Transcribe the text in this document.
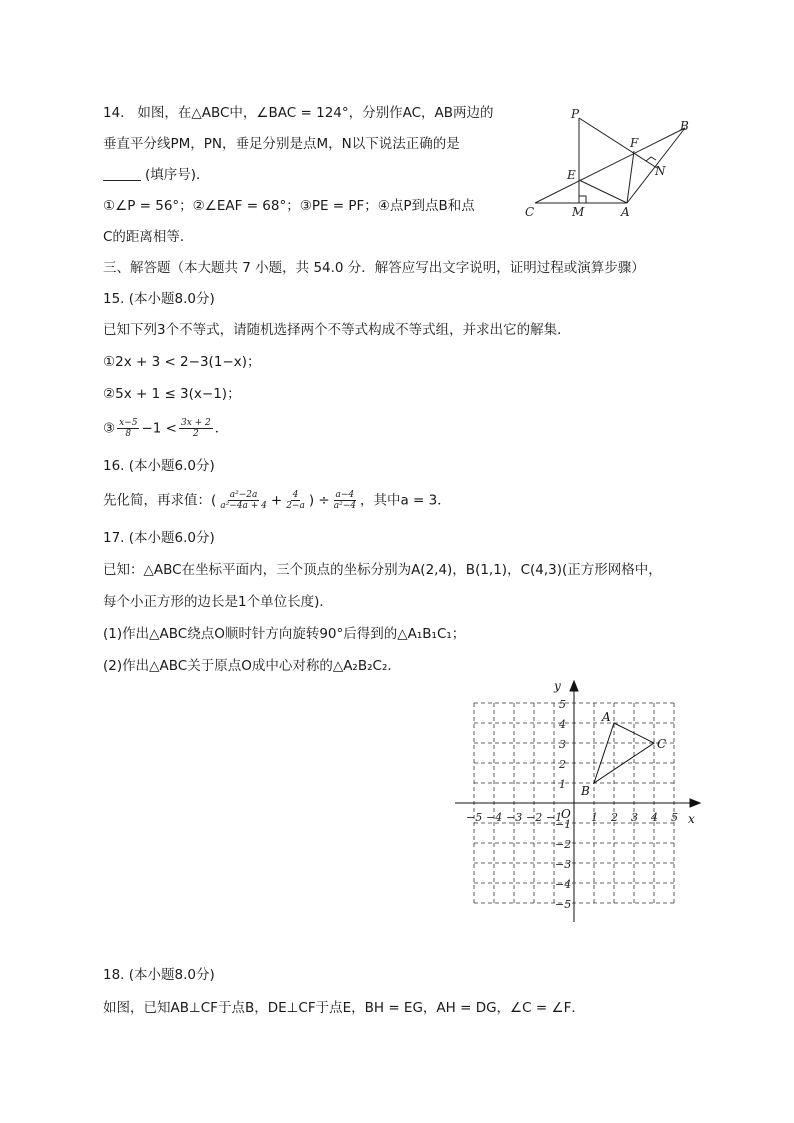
14. 如图，在△ABC中，∠BAC = 124°，分别作AC，AB两边的
垂直平分线PM，PN，垂足分别是点M，N以下说法正确的是
(填序号)．
①∠P = 56°；②∠EAF = 68°；③PE = PF；④点P到点B和点
C的距离相等．
P
B
F
N
E
C	M	A
三、解答题（本大题共 7 小题，共 54.0 分．解答应写出文字说明，证明过程或演算步骤）
15. (本小题8.0分)
已知下列3个不等式，请随机选择两个不等式构成不等式组，并求出它的解集．
①2x + 3 < 2−3(1−x)；
②5x + 1 ≤ 3(x−1)；
③ $\frac{x-5}{8} -1 < \frac{3x + 2}{2}$ ．
16. (本小题6.0分)
先化简，再求值：( $\frac{\text{a²−2a}}{\text{a²−4a + 4}} + \frac{4}{2-a}$ ) ÷ $\frac{a-4}{\text{a²−4}}$ ，其中a = 3．
17. (本小题6.0分)
已知：△ABC在坐标平面内，三个顶点的坐标分别为A(2,4)，B(1,1)，C(4,3)(正方形网格中，
每个小正方形的边长是1个单位长度)．
(1)作出△ABC绕点O顺时针方向旋转90°后得到的△A₁B₁C₁；
(2)作出△ABC关于原点O成中心对称的△A₂B₂C₂．
−5 −4 −3 −2 −1	1 2 3 4 5
5
4
3
2
1
−1
−2
−3
−4
−5
x
y
O
A
B
C
18. (本小题8.0分)
如图，已知AB⊥CF于点B，DE⊥CF于点E，BH = EG，AH = DG，∠C = ∠F．
